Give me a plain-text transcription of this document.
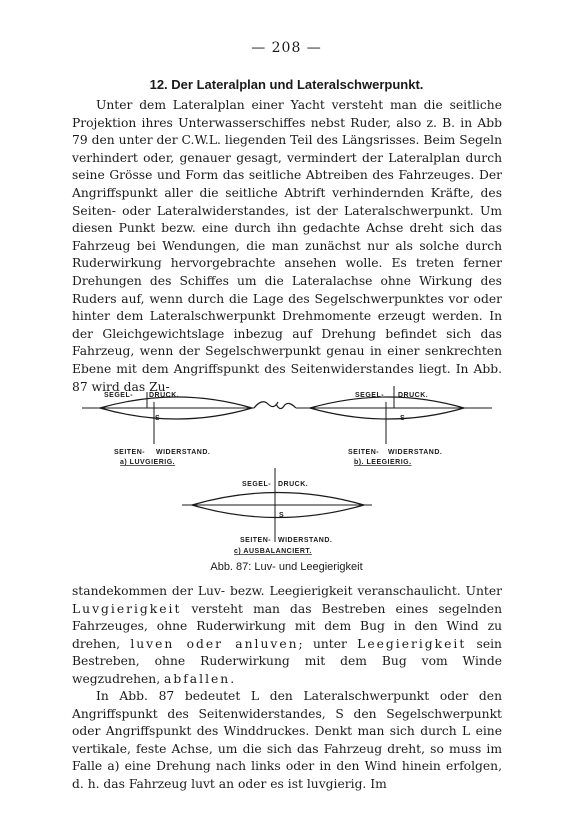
— 208 —
12. Der Lateralplan und Lateralschwerpunkt.

Unter dem Lateralplan einer Yacht versteht man die seitliche Projektion ihres Unterwasserschiffes nebst Ruder, also z. B. in Abb 79 den unter der C.W.L. liegenden Teil des Längsrisses. Beim Segeln verhindert oder, genauer gesagt, vermindert der Lateralplan durch seine Grösse und Form das seitliche Abtreiben des Fahrzeuges. Der Angriffspunkt aller die seitliche Abtrift verhindernden Kräfte, des Seiten- oder Lateralwiderstandes, ist der Lateralschwerpunkt. Um diesen Punkt bezw. eine durch ihn gedachte Achse dreht sich das Fahrzeug bei Wendungen, die man zunächst nur als solche durch Ruderwirkung hervorgebrachte ansehen wolle. Es treten ferner Drehungen des Schiffes um die Lateralachse ohne Wirkung des Ruders auf, wenn durch die Lage des Segelschwerpunktes vor oder hinter dem Lateralschwerpunkt Drehmomente erzeugt werden. In der Gleichgewichtslage inbezug auf Drehung befindet sich das Fahrzeug, wenn der Segelschwerpunkt genau in einer senkrechten Ebene mit dem Angriffspunkt des Seitenwiderstandes liegt. In Abb. 87 wird das Zu-

SEGEL- DRUCK.
S
SEITEN- WIDERSTAND.
a) LUVGIERIG.
SEGEL- DRUCK.
S
SEITEN- WIDERSTAND.
b). LEEGIERIG.
SEGEL- DRUCK.
S
SEITEN- WIDERSTAND.
c) AUSBALANCIERT.
Abb. 87: Luv- und Leegierigkeit

standekommen der Luv- bezw. Leegierigkeit veranschaulicht. Unter Luvgierigkeit versteht man das Bestreben eines segelnden Fahrzeuges, ohne Ruderwirkung mit dem Bug in den Wind zu drehen, luven oder anluven; unter Leegierigkeit sein Bestreben, ohne Ruderwirkung mit dem Bug vom Winde wegzudrehen, abfallen.

In Abb. 87 bedeutet L den Lateralschwerpunkt oder den Angriffspunkt des Seitenwiderstandes, S den Segelschwerpunkt oder Angriffspunkt des Winddruckes. Denkt man sich durch L eine vertikale, feste Achse, um die sich das Fahrzeug dreht, so muss im Falle a) eine Drehung nach links oder in den Wind hinein erfolgen, d. h. das Fahrzeug luvt an oder es ist luvgierig. Im
